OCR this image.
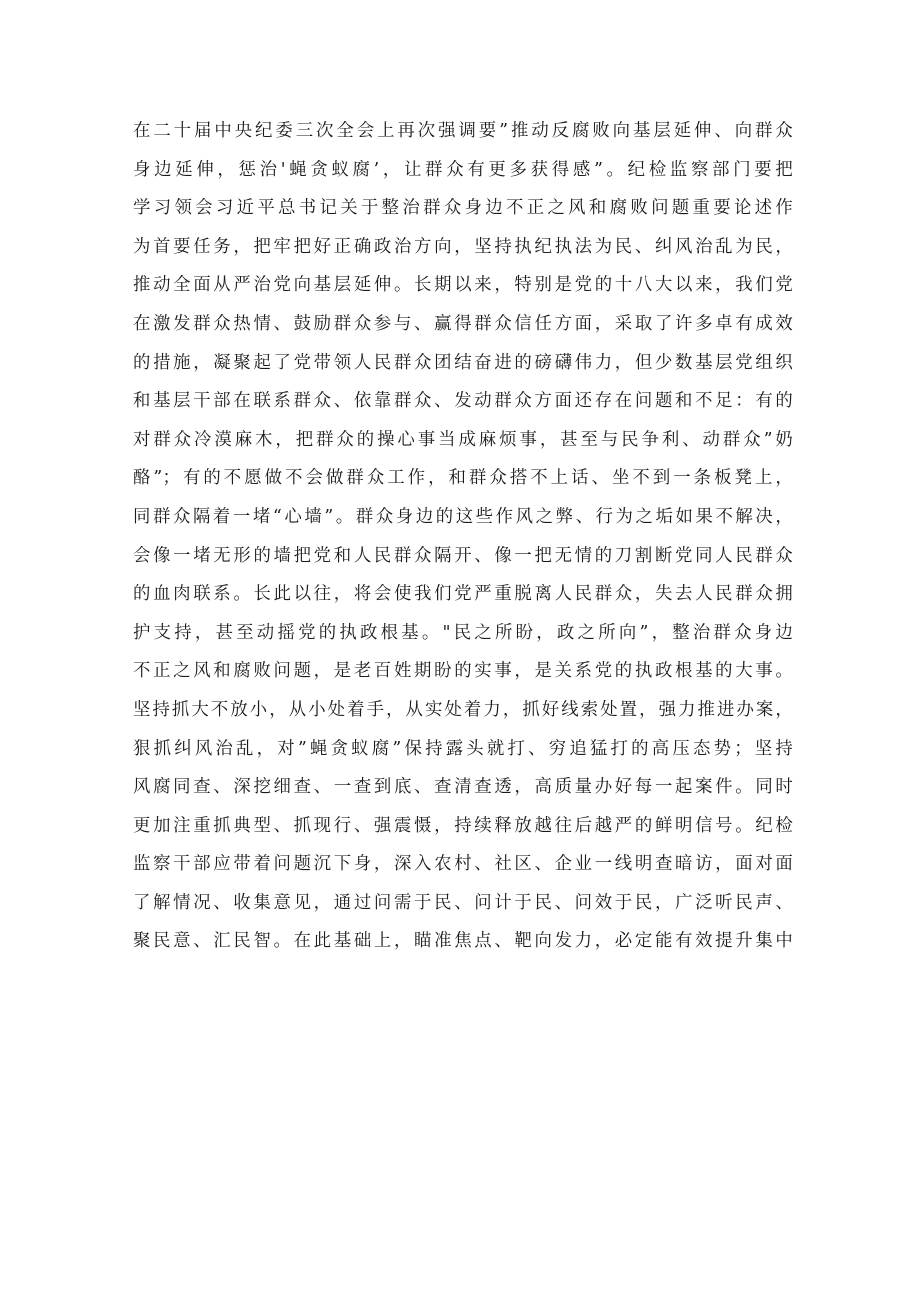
在二十届中央纪委三次全会上再次强调要”推动反腐败向基层延伸、向群众
身边延伸，惩治'蝇贪蚁腐’，让群众有更多获得感”。纪检监察部门要把
学习领会习近平总书记关于整治群众身边不正之风和腐败问题重要论述作
为首要任务，把牢把好正确政治方向，坚持执纪执法为民、纠风治乱为民，
推动全面从严治党向基层延伸。长期以来，特别是党的十八大以来，我们党
在激发群众热情、鼓励群众参与、赢得群众信任方面，采取了许多卓有成效
的措施，凝聚起了党带领人民群众团结奋进的磅礴伟力，但少数基层党组织
和基层干部在联系群众、依靠群众、发动群众方面还存在问题和不足：有的
对群众冷漠麻木，把群众的操心事当成麻烦事，甚至与民争利、动群众”奶
酪”；有的不愿做不会做群众工作，和群众搭不上话、坐不到一条板凳上，
同群众隔着一堵“心墙”。群众身边的这些作风之弊、行为之垢如果不解决，
会像一堵无形的墙把党和人民群众隔开、像一把无情的刀割断党同人民群众
的血肉联系。长此以往，将会使我们党严重脱离人民群众，失去人民群众拥
护支持，甚至动摇党的执政根基。"民之所盼，政之所向”，整治群众身边
不正之风和腐败问题，是老百姓期盼的实事，是关系党的执政根基的大事。
坚持抓大不放小，从小处着手，从实处着力，抓好线索处置，强力推进办案，
狠抓纠风治乱，对”蝇贪蚁腐”保持露头就打、穷追猛打的高压态势；坚持
风腐同查、深挖细查、一查到底、查清查透，高质量办好每一起案件。同时
更加注重抓典型、抓现行、强震慑，持续释放越往后越严的鲜明信号。纪检
监察干部应带着问题沉下身，深入农村、社区、企业一线明查暗访，面对面
了解情况、收集意见，通过问需于民、问计于民、问效于民，广泛听民声、
聚民意、汇民智。在此基础上，瞄准焦点、靶向发力，必定能有效提升集中
